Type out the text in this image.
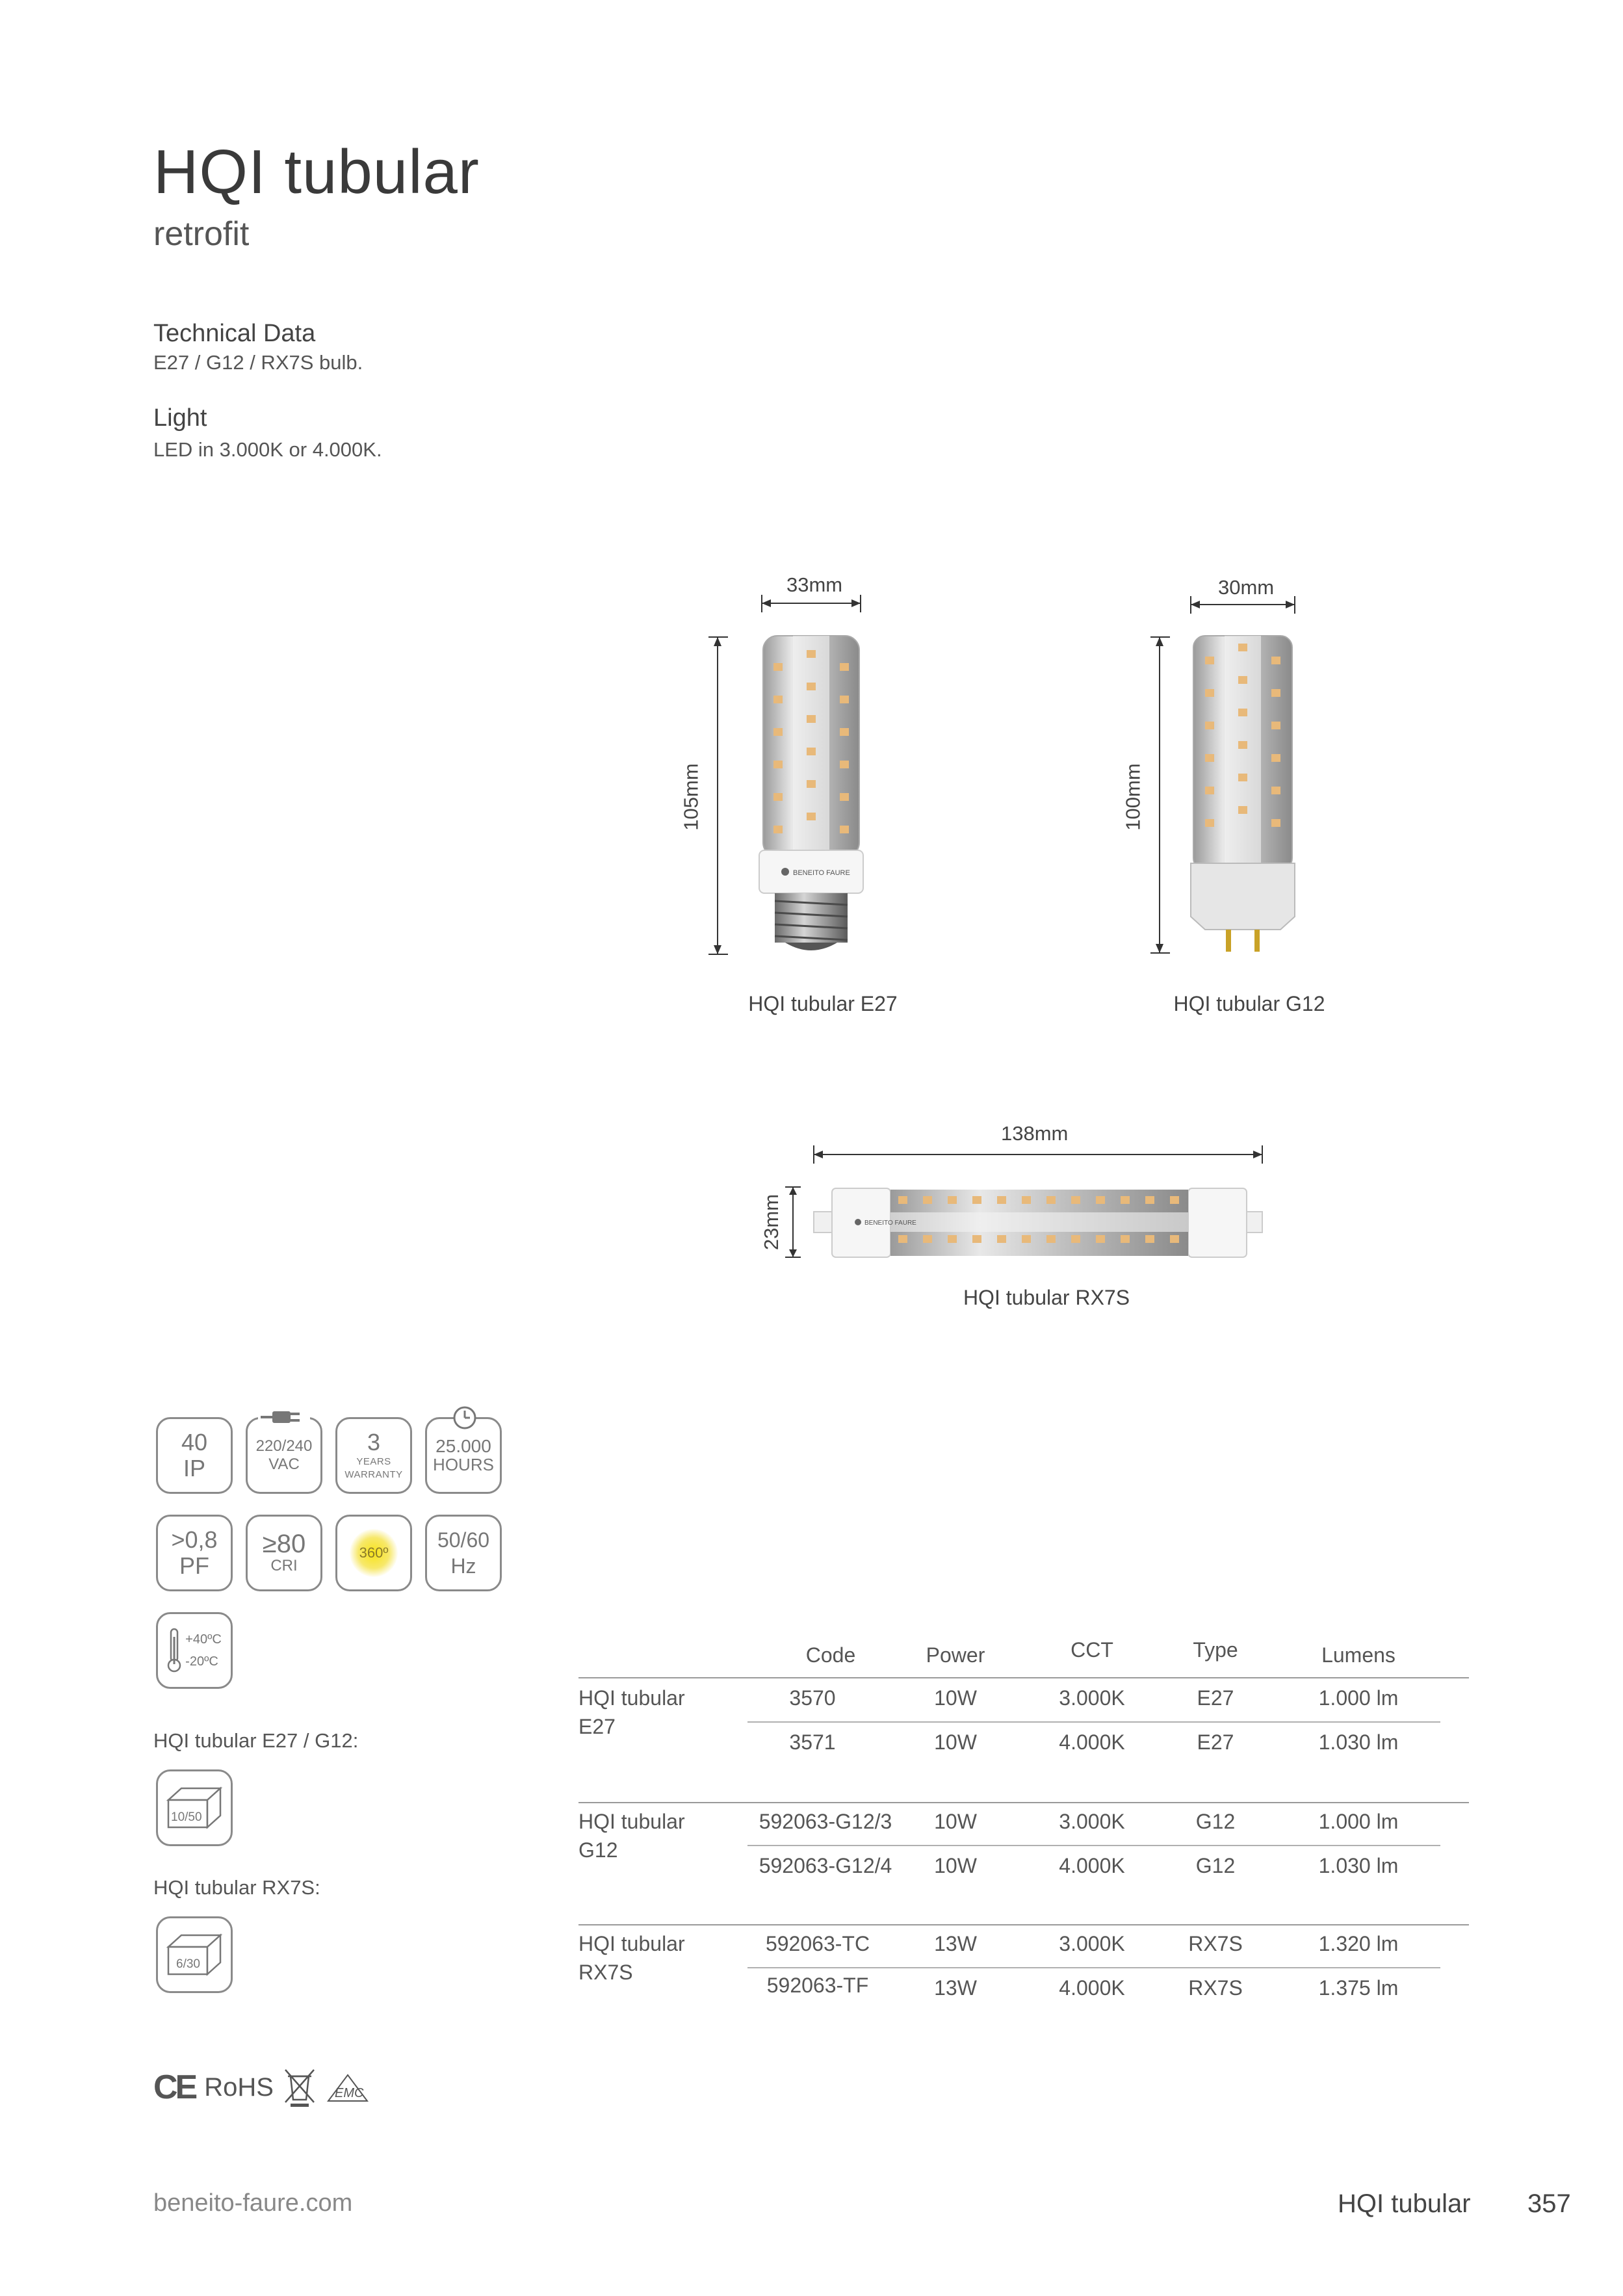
HQI tubular
retrofit
Technical Data
E27 / G12 / RX7S bulb.
Light
LED in 3.000K or 4.000K.
BENEITO FAURE
33mm
105mm
HQI tubular E27
30mm
100mm
HQI tubular G12
BENEITO FAURE
138mm
23mm
HQI tubular RX7S
40
IP
220/240
VAC
3
YEARS
WARRANTY
25.000
HOURS
>0,8
PF
≥80
CRI
360º
50/60
Hz
+40ºC
-20ºC
HQI tubular E27 / G12:
10/50
HQI tubular RX7S:
6/30
CE RoHS	EMC
Code	Power	CCT	Type	Lumens
HQI tubular
E27
3570	10W	3.000K	E27	1.000 lm
3571	10W	4.000K	E27	1.030 lm
HQI tubular
G12
592063-G12/3	10W	3.000K	G12	1.000 lm
592063-G12/4	10W	4.000K	G12	1.030 lm
HQI tubular
RX7S
592063-TC	13W	3.000K	RX7S	1.320 lm
592063-TF	13W	4.000K	RX7S	1.375 lm
beneito-faure.com	HQI tubular 357
